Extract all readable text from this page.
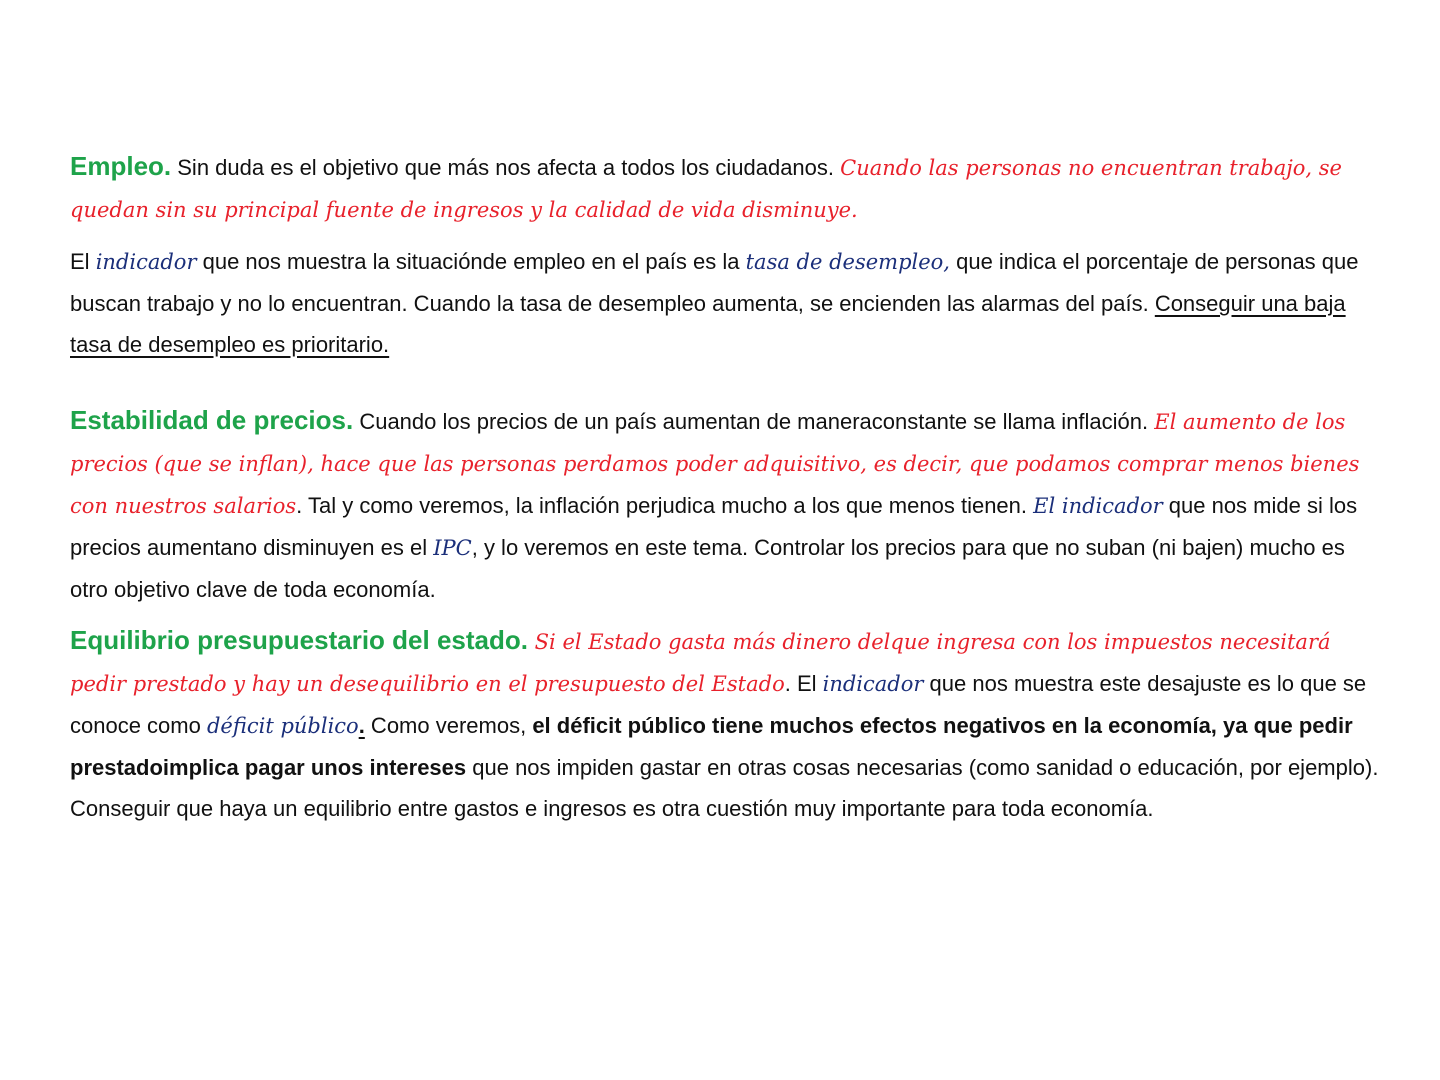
Empleo. Sin duda es el objetivo que más nos afecta a todos los ciudadanos. Cuando las personas no encuentran trabajo, se quedan sin su principal fuente de ingresos y la calidad de vida disminuye.

El indicador que nos muestra la situaciónde empleo en el país es la tasa de desempleo, que indica el porcentaje de personas que buscan trabajo y no lo encuentran. Cuando la tasa de desempleo aumenta, se encienden las alarmas del país. Conseguir una baja tasa de desempleo es prioritario.

Estabilidad de precios. Cuando los precios de un país aumentan de maneraconstante se llama inflación. El aumento de los precios (que se inflan), hace que las personas perdamos poder adquisitivo, es decir, que podamos comprar menos bienes con nuestros salarios. Tal y como veremos, la inflación perjudica mucho a los que menos tienen. El indicador que nos mide si los precios aumentano disminuyen es el IPC, y lo veremos en este tema. Controlar los precios para que no suban (ni bajen) mucho es otro objetivo clave de toda economía.

Equilibrio presupuestario del estado. Si el Estado gasta más dinero delque ingresa con los impuestos necesitará pedir prestado y hay un desequilibrio en el presupuesto del Estado. El indicador que nos muestra este desajuste es lo que se conoce como déficit público. Como veremos, el déficit público tiene muchos efectos negativos en la economía, ya que pedir prestadoimplica pagar unos intereses que nos impiden gastar en otras cosas necesarias (como sanidad o educación, por ejemplo). Conseguir que haya un equilibrio entre gastos e ingresos es otra cuestión muy importante para toda economía.
